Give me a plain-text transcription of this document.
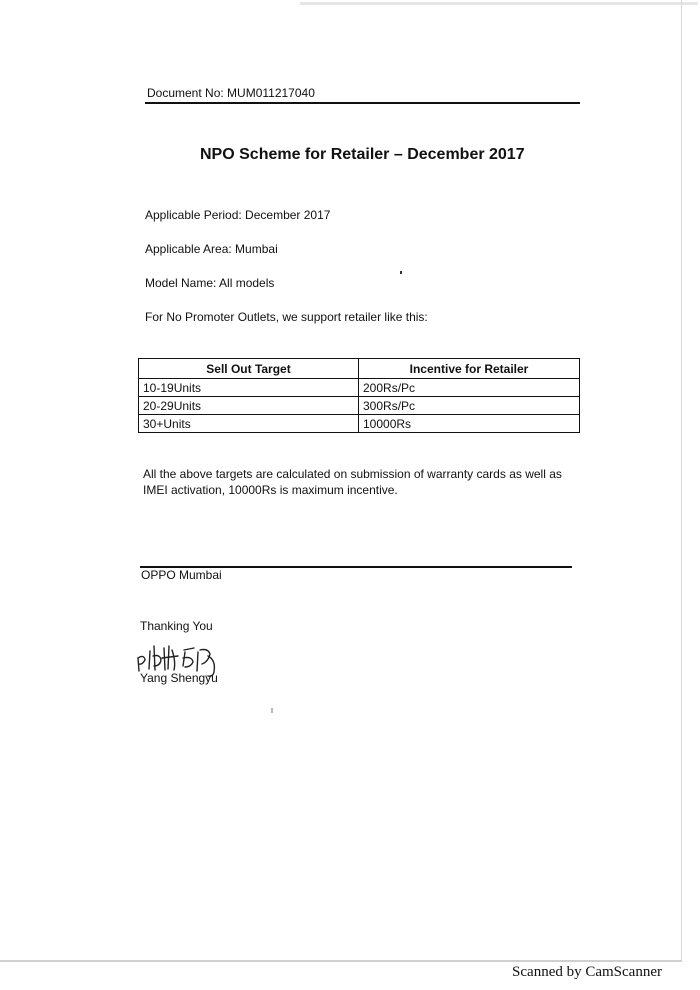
Document No: MUM011217040
NPO Scheme for Retailer – December 2017
Applicable Period: December 2017
Applicable Area: Mumbai
Model Name: All models
For No Promoter Outlets, we support retailer like this:
Sell Out Target	Incentive for Retailer
10-19Units	200Rs/Pc
20-29Units	300Rs/Pc
30+Units	10000Rs
All the above targets are calculated on submission of warranty cards as well as IMEI activation, 10000Rs is maximum incentive.
OPPO Mumbai
Thanking You
Yang Shengyu
Scanned by CamScanner
